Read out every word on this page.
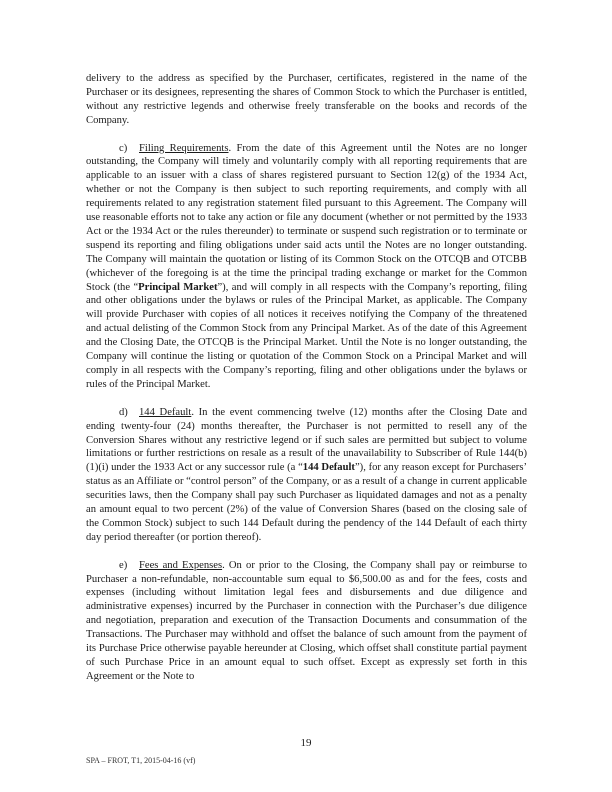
delivery to the address as specified by the Purchaser, certificates, registered in the name of the Purchaser or its designees, representing the shares of Common Stock to which the Purchaser is entitled, without any restrictive legends and otherwise freely transferable on the books and records of the Company.

c) Filing Requirements. From the date of this Agreement until the Notes are no longer outstanding, the Company will timely and voluntarily comply with all reporting requirements that are applicable to an issuer with a class of shares registered pursuant to Section 12(g) of the 1934 Act, whether or not the Company is then subject to such reporting requirements, and comply with all requirements related to any registration statement filed pursuant to this Agreement. The Company will use reasonable efforts not to take any action or file any document (whether or not permitted by the 1933 Act or the 1934 Act or the rules thereunder) to terminate or suspend such registration or to terminate or suspend its reporting and filing obligations under said acts until the Notes are no longer outstanding. The Company will maintain the quotation or listing of its Common Stock on the OTCQB and OTCBB (whichever of the foregoing is at the time the principal trading exchange or market for the Common Stock (the “Principal Market”), and will comply in all respects with the Company’s reporting, filing and other obligations under the bylaws or rules of the Principal Market, as applicable. The Company will provide Purchaser with copies of all notices it receives notifying the Company of the threatened and actual delisting of the Common Stock from any Principal Market. As of the date of this Agreement and the Closing Date, the OTCQB is the Principal Market. Until the Note is no longer outstanding, the Company will continue the listing or quotation of the Common Stock on a Principal Market and will comply in all respects with the Company’s reporting, filing and other obligations under the bylaws or rules of the Principal Market.

d) 144 Default. In the event commencing twelve (12) months after the Closing Date and ending twenty-four (24) months thereafter, the Purchaser is not permitted to resell any of the Conversion Shares without any restrictive legend or if such sales are permitted but subject to volume limitations or further restrictions on resale as a result of the unavailability to Subscriber of Rule 144(b)(1)(i) under the 1933 Act or any successor rule (a “144 Default”), for any reason except for Purchasers’ status as an Affiliate or “control person” of the Company, or as a result of a change in current applicable securities laws, then the Company shall pay such Purchaser as liquidated damages and not as a penalty an amount equal to two percent (2%) of the value of Conversion Shares (based on the closing sale of the Common Stock) subject to such 144 Default during the pendency of the 144 Default of each thirty day period thereafter (or portion thereof).

e) Fees and Expenses. On or prior to the Closing, the Company shall pay or reimburse to Purchaser a non-refundable, non-accountable sum equal to $6,500.00 as and for the fees, costs and expenses (including without limitation legal fees and disbursements and due diligence and administrative expenses) incurred by the Purchaser in connection with the Purchaser’s due diligence and negotiation, preparation and execution of the Transaction Documents and consummation of the Transactions. The Purchaser may withhold and offset the balance of such amount from the payment of its Purchase Price otherwise payable hereunder at Closing, which offset shall constitute partial payment of such Purchase Price in an amount equal to such offset. Except as expressly set forth in this Agreement or the Note to

19
SPA – FROT, T1, 2015-04-16 (vf)
